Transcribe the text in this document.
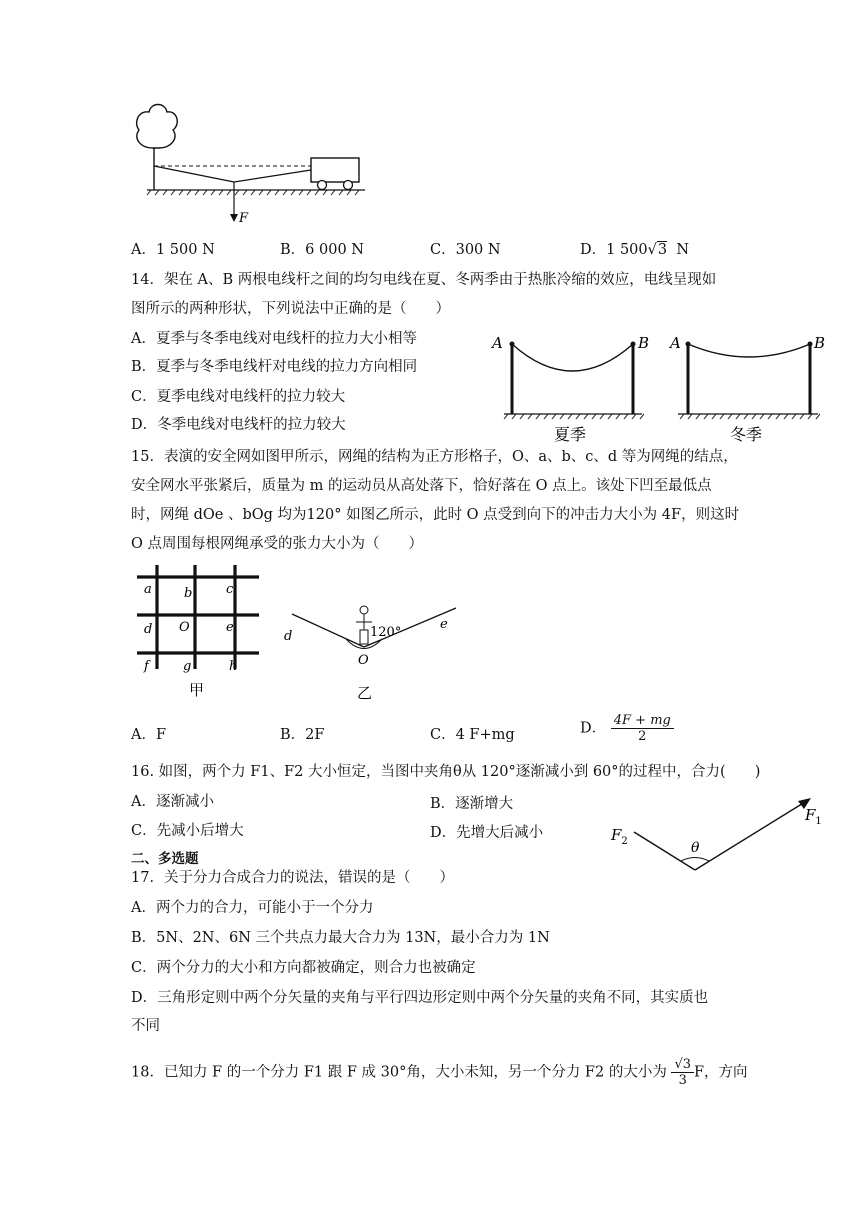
F
A．1 500 N	B．6 000 N	C．300 N	D．1 500√3 N
14．架在 A、B 两根电线杆之间的均匀电线在夏、冬两季由于热胀冷缩的效应，电线呈现如
图所示的两种形状，下列说法中正确的是（　　）
A．夏季与冬季电线对电线杆的拉力大小相等
B．夏季与冬季电线杆对电线的拉力方向相同
C．夏季电线对电线杆的拉力较大
D．冬季电线对电线杆的拉力较大
A	B
夏季
A	B
冬季
15．表演的安全网如图甲所示，网绳的结构为正方形格子，O、a、b、c、d 等为网绳的结点，
安全网水平张紧后，质量为 m 的运动员从高处落下，恰好落在 O 点上。该处下凹至最低点
时，网绳 dOe 、bOg 均为120° 如图乙所示，此时 O 点受到向下的冲击力大小为 4F，则这时
O 点周围每根网绳承受的张力大小为（　　）
a b	c
d O	e
f	g	h
甲
d
e
O
120°
乙
A．F	B．2F	C．4 F+mg	D． $\frac{4F + mg}{2}$
16. 如图，两个力 F1、F2 大小恒定，当图中夹角θ从 120°逐渐减小到 60°的过程中，合力(　　)
A．逐渐减小	B．逐渐增大
C．先减小后增大	D．先增大后减小
θ
$F_1$
$F_2$
二、多选题
17．关于分力合成合力的说法，错误的是（　　）
A．两个力的合力，可能小于一个分力
B．5N、2N、6N 三个共点力最大合力为 13N，最小合力为 1N
C．两个分力的大小和方向都被确定，则合力也被确定
D．三角形定则中两个分矢量的夹角与平行四边形定则中两个分矢量的夹角不同，其实质也
不同
18．已知力 F 的一个分力 F1 跟 F 成 30°角，大小未知，另一个分力 F2 的大小为 $\frac{√3}{3}$ F，方向
